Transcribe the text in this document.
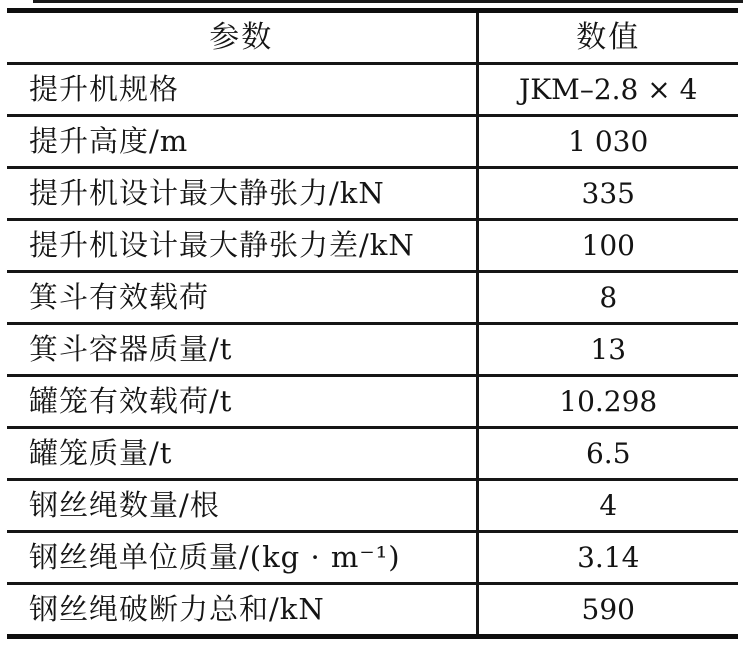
参数	数值
提升机规格	JKM–2.8 × 4
提升高度/m	1 030
提升机设计最大静张力/kN	335
提升机设计最大静张力差/kN	100
箕斗有效载荷	8
箕斗容器质量/t	13
罐笼有效载荷/t	10.298
罐笼质量/t	6.5
钢丝绳数量/根	4
钢丝绳单位质量/(kg · m⁻¹)	3.14
钢丝绳破断力总和/kN	590
